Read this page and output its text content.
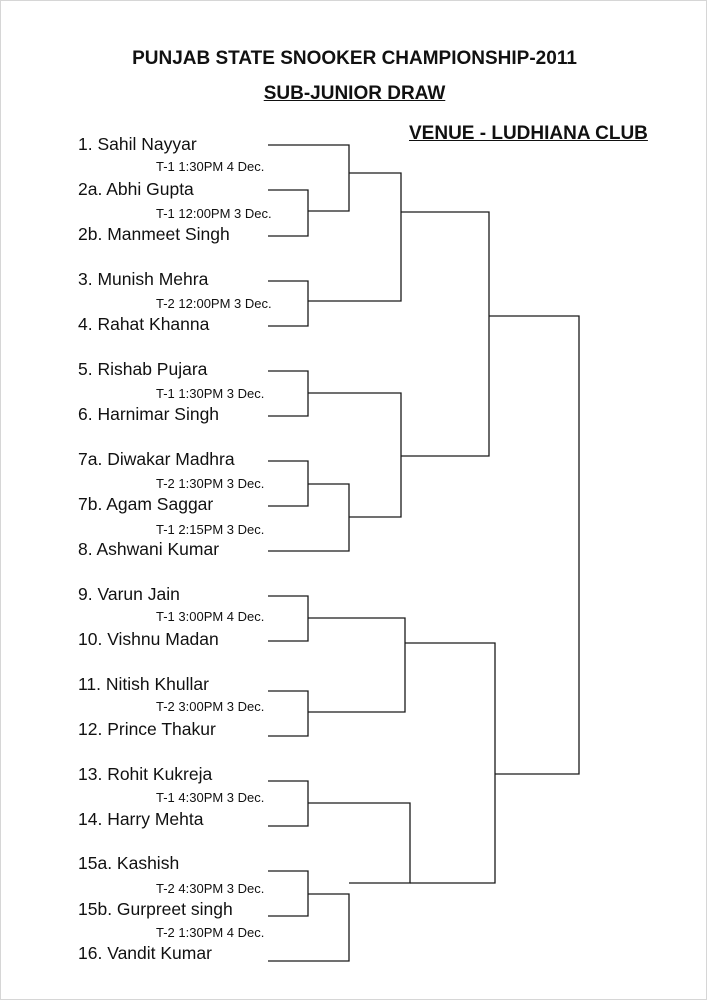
PUNJAB STATE SNOOKER CHAMPIONSHIP-2011
SUB-JUNIOR DRAW
VENUE - LUDHIANA CLUB
1. Sahil Nayyar
2a. Abhi Gupta
2b. Manmeet Singh
3. Munish Mehra
4. Rahat Khanna
5. Rishab Pujara
6. Harnimar Singh
7a. Diwakar Madhra
7b. Agam Saggar
8. Ashwani Kumar
9. Varun Jain
10. Vishnu Madan
11. Nitish Khullar
12. Prince Thakur
13. Rohit Kukreja
14. Harry Mehta
15a. Kashish
15b. Gurpreet singh
16. Vandit Kumar
T-1 1:30PM 4 Dec.
T-1 12:00PM 3 Dec.
T-2 12:00PM 3 Dec.
T-1 1:30PM 3 Dec.
T-2 1:30PM 3 Dec.
T-1 2:15PM 3 Dec.
T-1 3:00PM 4 Dec.
T-2 3:00PM 3 Dec.
T-1 4:30PM 3 Dec.
T-2 4:30PM 3 Dec.
T-2 1:30PM 4 Dec.
